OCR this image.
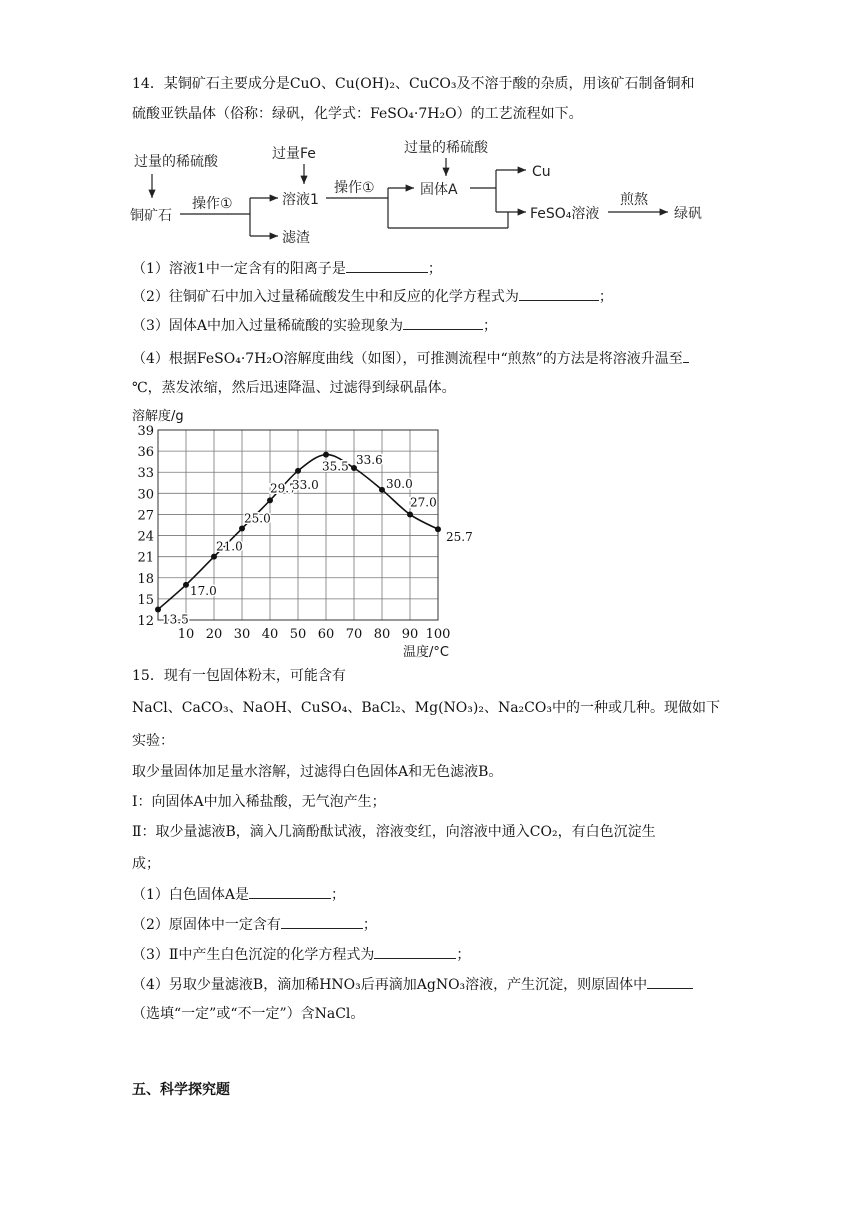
14．某铜矿石主要成分是CuO、Cu(OH)₂、CuCO₃及不溶于酸的杂质，用该矿石制备铜和
硫酸亚铁晶体（俗称：绿矾，化学式：FeSO₄·7H₂O）的工艺流程如下。
过量的稀硫酸
铜矿石
操作①
过量Fe
溶液1
滤渣
操作①
过量的稀硫酸
固体A
Cu
FeSO₄溶液
煎熬
绿矾
（1）溶液1中一定含有的阳离子是	；
（2）往铜矿石中加入过量稀硫酸发生中和反应的化学方程式为	；
（3）固体A中加入过量稀硫酸的实验现象为	；
（4）根据FeSO₄·7H₂O溶解度曲线（如图），可推测流程中“煎熬”的方法是将溶液升温至
℃，蒸发浓缩，然后迅速降温、过滤得到绿矾晶体。
12
15
18
21
24
27
30
33
36
39
10 20 30 40 50 60 70 80 90 100
溶解度/g
温度/°C
13.5
17.0
21.0
25.0
29.7
33.0
35.5 33.6
30.0
27.0
25.7
15．现有一包固体粉末，可能含有
NaCl、CaCO₃、NaOH、CuSO₄、BaCl₂、Mg(NO₃)₂、Na₂CO₃中的一种或几种。现做如下
实验：
取少量固体加足量水溶解，过滤得白色固体A和无色滤液B。
Ⅰ：向固体A中加入稀盐酸，无气泡产生；
Ⅱ：取少量滤液B，滴入几滴酚酞试液，溶液变红，向溶液中通入CO₂，有白色沉淀生
成；
（1）白色固体A是	；
（2）原固体中一定含有	；
（3）Ⅱ中产生白色沉淀的化学方程式为	；
（4）另取少量滤液B，滴加稀HNO₃后再滴加AgNO₃溶液，产生沉淀，则原固体中
（选填“一定”或“不一定”）含NaCl。
五、科学探究题
